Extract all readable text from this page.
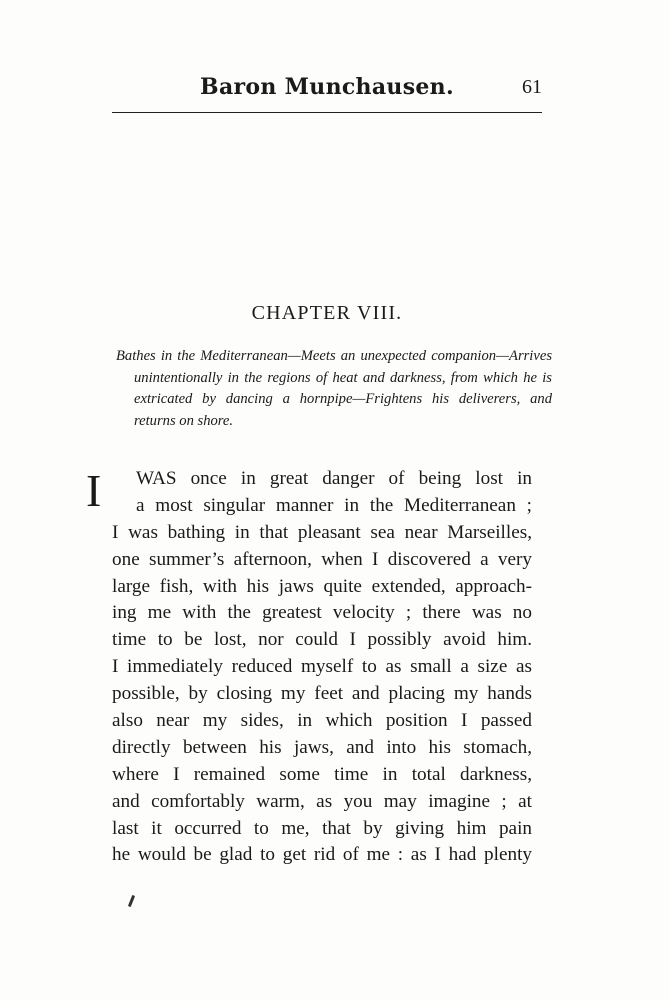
Baron Munchausen.	61
CHAPTER VIII.
Bathes in the Mediterranean—Meets an unexpected companion—Arrives unintentionally in the regions of heat and darkness, from which he is extricated by dancing a hornpipe—Frightens his deliverers, and returns on shore.
I	WAS once in great danger of being lost in
a most singular manner in the Mediterranean ;
I was bathing in that pleasant sea near Marseilles,
one summer’s afternoon, when I discovered a very
large fish, with his jaws quite extended, approach-
ing me with the greatest velocity ; there was no
time to be lost, nor could I possibly avoid him.
I immediately reduced myself to as small a size as
possible, by closing my feet and placing my hands
also near my sides, in which position I passed
directly between his jaws, and into his stomach,
where I remained some time in total darkness,
and comfortably warm, as you may imagine ; at
last it occurred to me, that by giving him pain
he would be glad to get rid of me : as I had plenty
